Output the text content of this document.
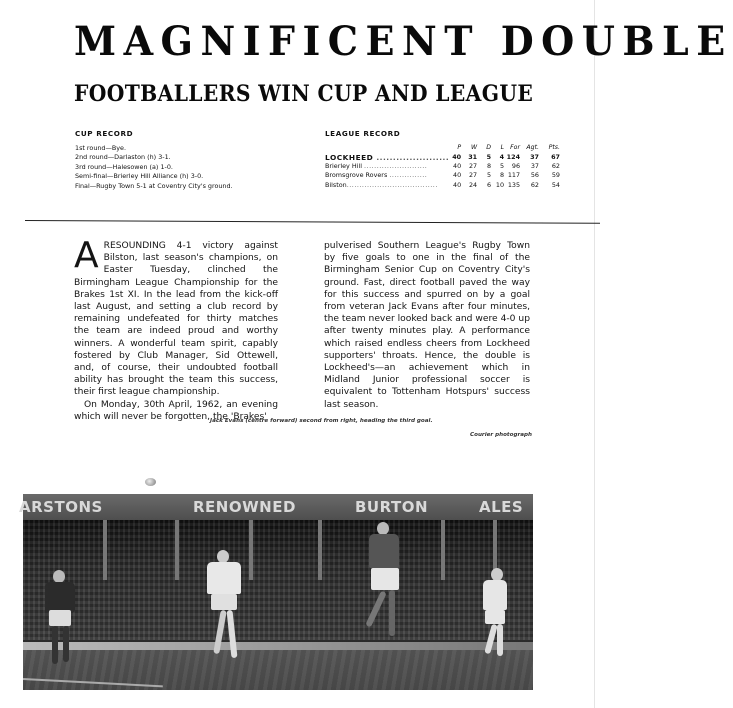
MAGNIFICENT DOUBLE
FOOTBALLERS WIN CUP AND LEAGUE
CUP RECORD
1st round—Bye.
2nd round—Darlaston (h) 3-1.
3rd round—Halesowen (a) 1-0.
Semi-final—Brierley Hill Alliance (h) 3-0.
Final—Rugby Town 5-1 at Coventry City's ground.
LEAGUE RECORD
	P	W	D	L	For	Agt.	Pts.
LOCKHEED ......................	40	31	5	4	124	37	67
Brierley Hill .........................	40	27	8	5	96	37	62
Bromsgrove Rovers ...............	40	27	5	8	117	56	59
Bilston....................................	40	24	6	10	135	62	54

ARESOUNDING 4-1 victory against Bilston, last season's champions, on Easter Tuesday, clinched the Birmingham League Championship for the Brakes 1st XI. In the lead from the kick-off last August, and setting a club record by remaining undefeated for thirty matches the team are indeed proud and worthy winners. A wonderful team spirit, capably fostered by Club Manager, Sid Ottewell, and, of course, their undoubted football ability has brought the team this success, their first league championship.

On Monday, 30th April, 1962, an evening which will never be forgotten, the 'Brakes'

pulverised Southern League's Rugby Town by five goals to one in the final of the Birmingham Senior Cup on Coventry City's ground. Fast, direct football paved the way for this success and spurred on by a goal from veteran Jack Evans after four minutes, the team never looked back and were 4-0 up after twenty minutes play. A performance which raised endless cheers from Lockheed supporters' throats. Hence, the double is Lockheed's—an achievement which in Midland Junior professional soccer is equivalent to Tottenham Hotspurs' success last season.

Jack Evans (centre forward) second from right, heading the third goal.
Courier photograph
ARSTONS	RENOWNED	BURTON	ALES
